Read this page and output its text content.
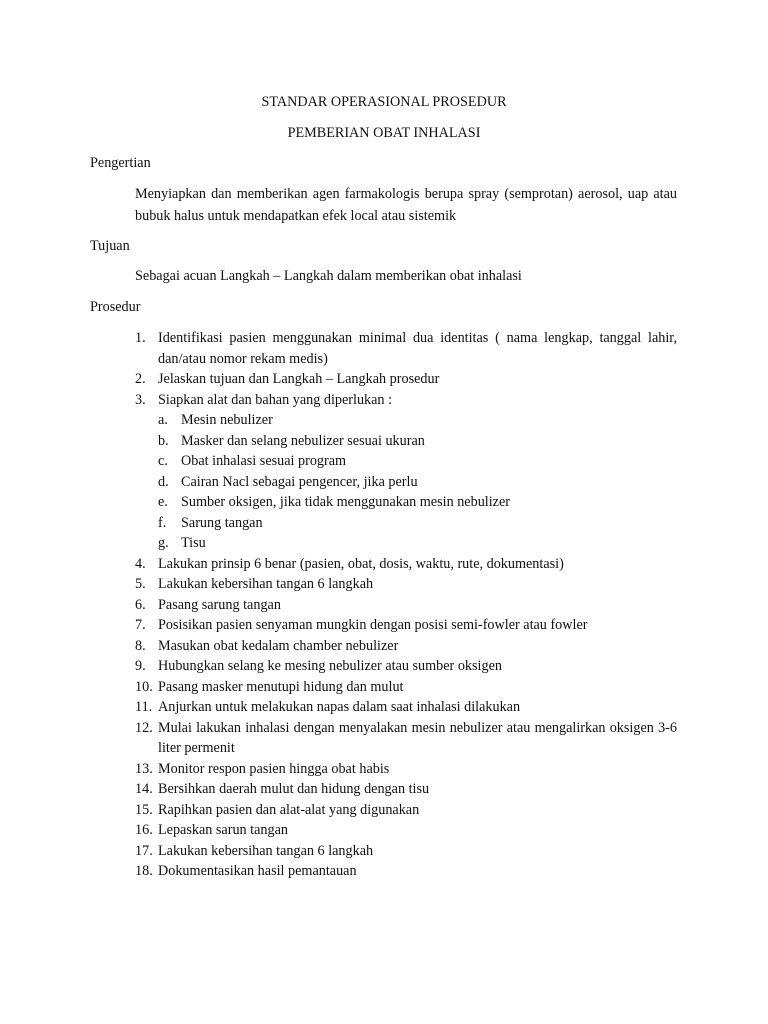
STANDAR OPERASIONAL PROSEDUR
PEMBERIAN OBAT INHALASI
Pengertian

Menyiapkan dan memberikan agen farmakologis berupa spray (semprotan) aerosol, uap atau bubuk halus untuk mendapatkan efek local atau sistemik

Tujuan

Sebagai acuan Langkah – Langkah dalam memberikan obat inhalasi

Prosedur
1. Identifikasi pasien menggunakan minimal dua identitas ( nama lengkap, tanggal lahir, dan/atau nomor rekam medis)
2. Jelaskan tujuan dan Langkah – Langkah prosedur
3. Siapkan alat dan bahan yang diperlukan :
a. Mesin nebulizer
b. Masker dan selang nebulizer sesuai ukuran
c. Obat inhalasi sesuai program
d. Cairan Nacl sebagai pengencer, jika perlu
e. Sumber oksigen, jika tidak menggunakan mesin nebulizer
f. Sarung tangan
g. Tisu
4. Lakukan prinsip 6 benar (pasien, obat, dosis, waktu, rute, dokumentasi)
5. Lakukan kebersihan tangan 6 langkah
6. Pasang sarung tangan
7. Posisikan pasien senyaman mungkin dengan posisi semi-fowler atau fowler
8. Masukan obat kedalam chamber nebulizer
9. Hubungkan selang ke mesing nebulizer atau sumber oksigen
10. Pasang masker menutupi hidung dan mulut
11. Anjurkan untuk melakukan napas dalam saat inhalasi dilakukan
12. Mulai lakukan inhalasi dengan menyalakan mesin nebulizer atau mengalirkan oksigen 3-6 liter permenit
13. Monitor respon pasien hingga obat habis
14. Bersihkan daerah mulut dan hidung dengan tisu
15. Rapihkan pasien dan alat-alat yang digunakan
16. Lepaskan sarun tangan
17. Lakukan kebersihan tangan 6 langkah
18. Dokumentasikan hasil pemantauan
